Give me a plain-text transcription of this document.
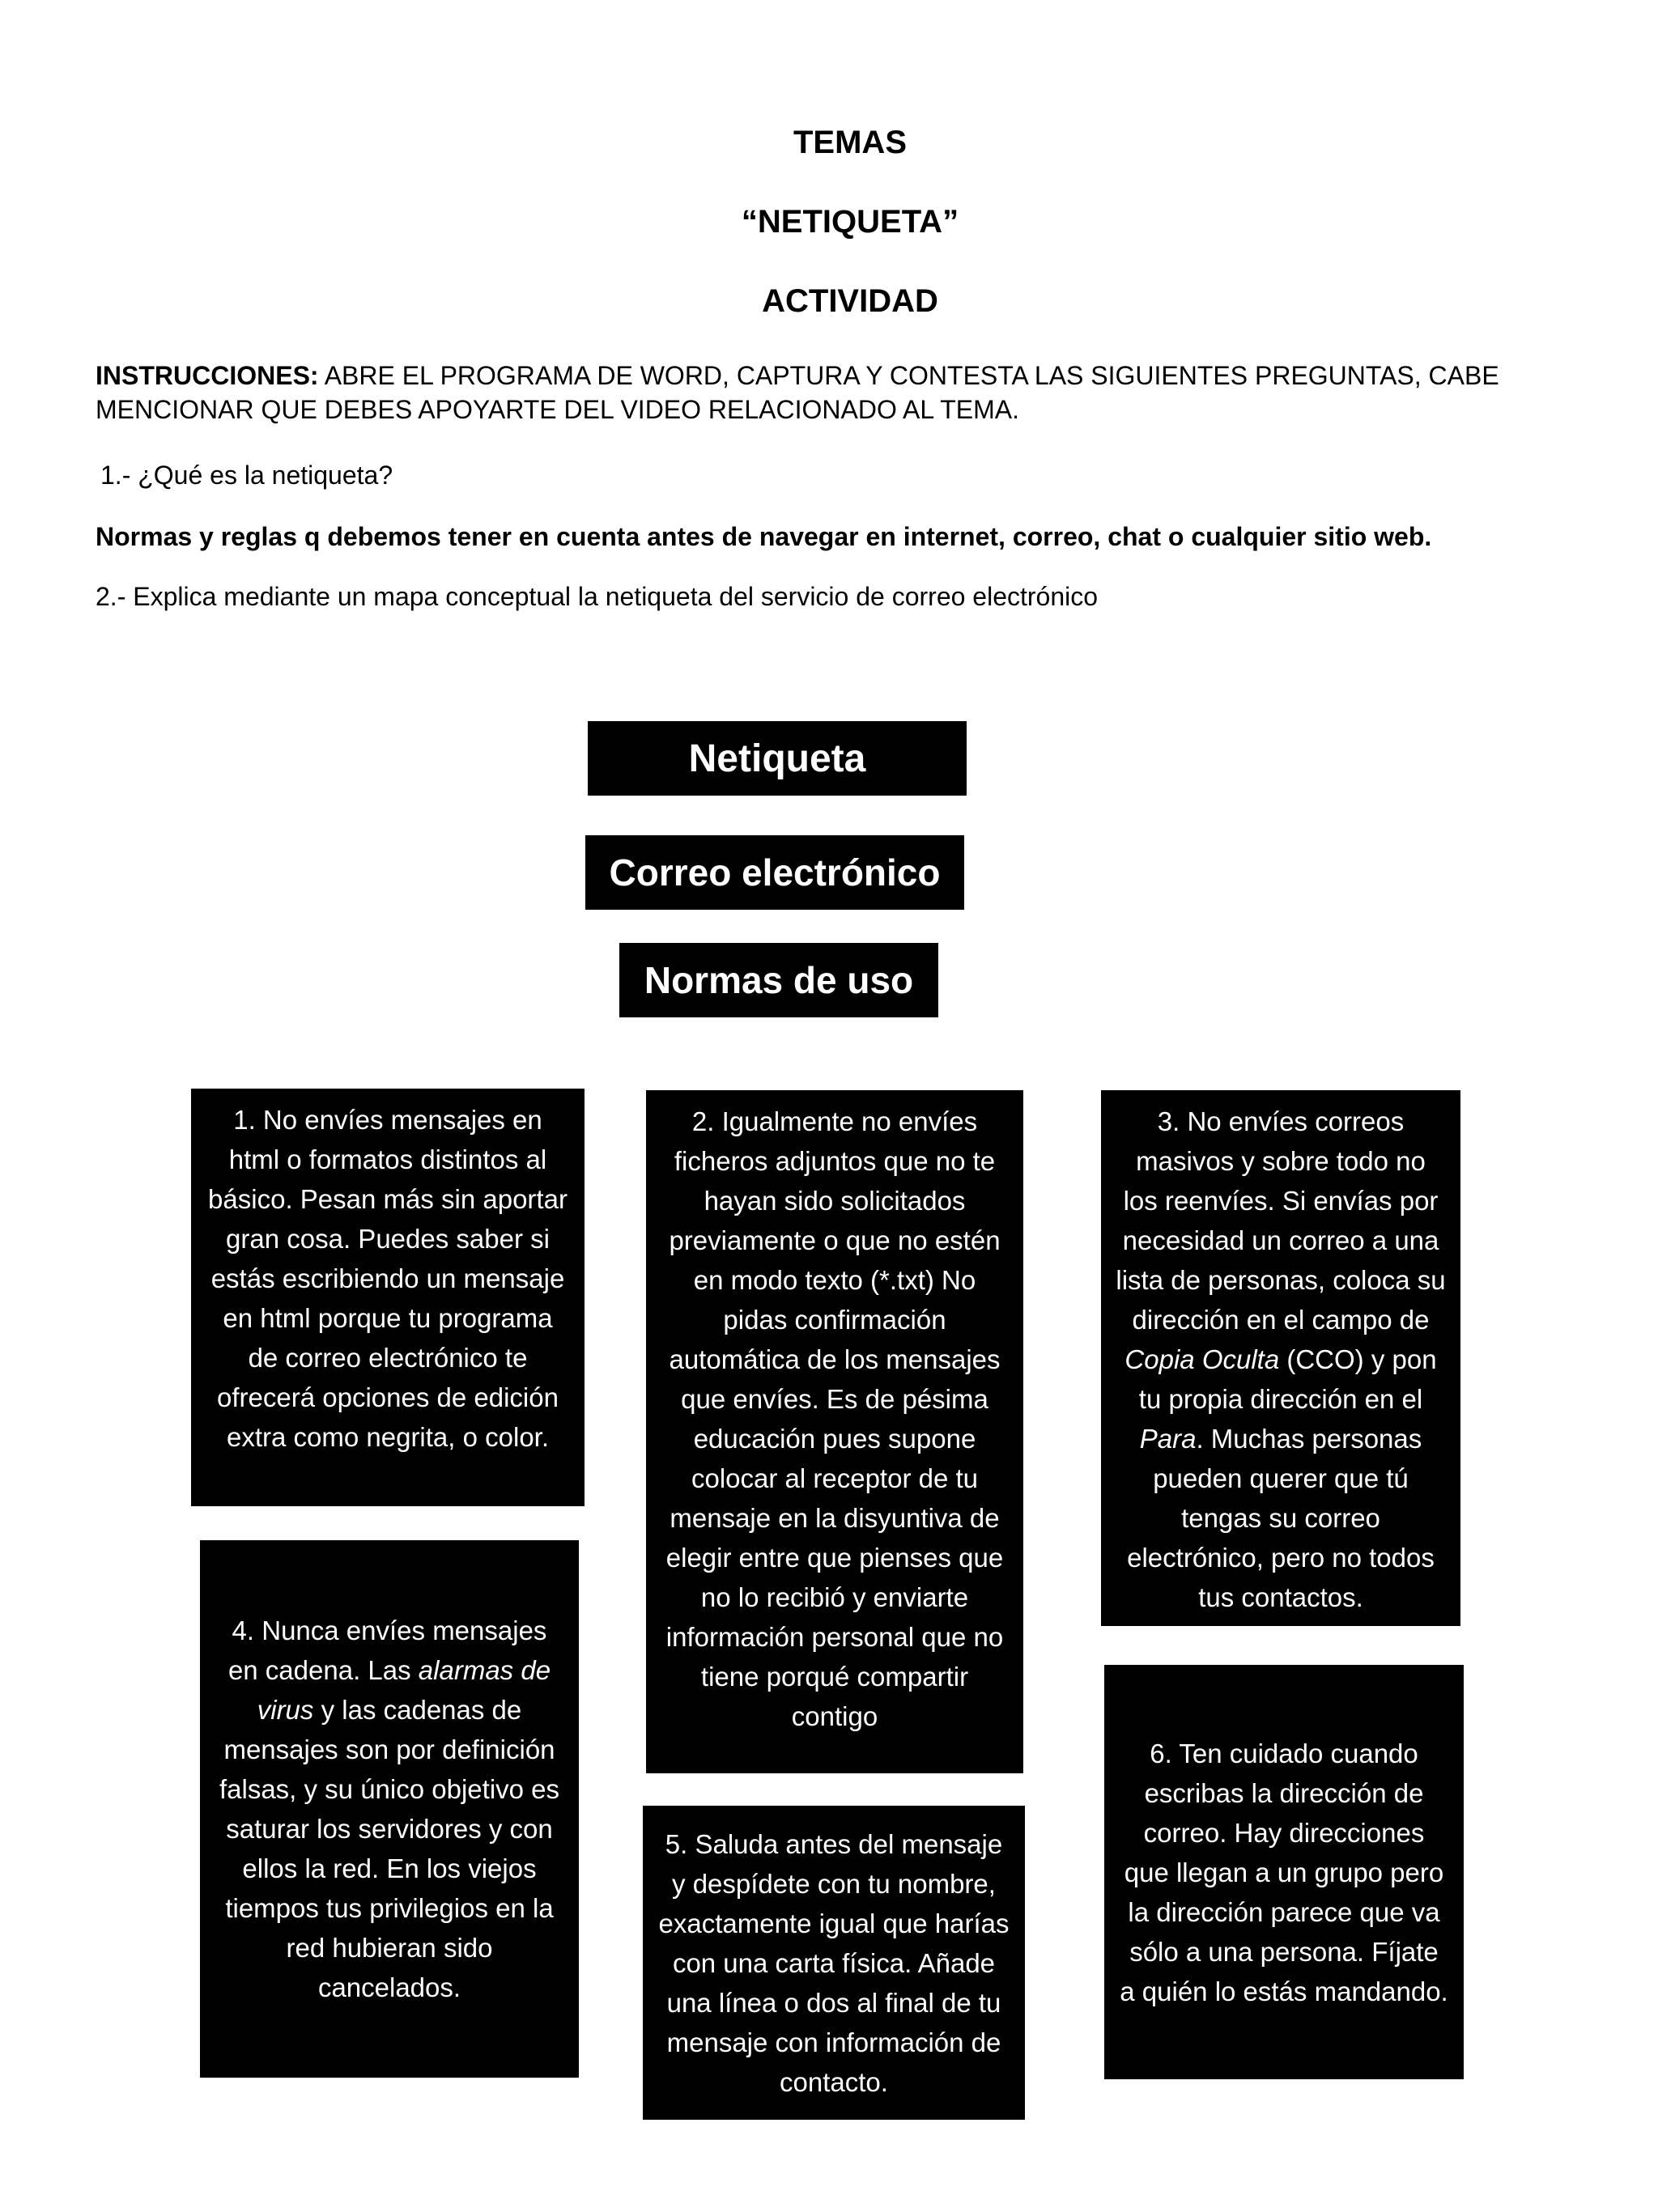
TEMAS
“NETIQUETA”
ACTIVIDAD
INSTRUCCIONES: ABRE EL PROGRAMA DE WORD, CAPTURA Y CONTESTA LAS SIGUIENTES PREGUNTAS, CABE MENCIONAR QUE DEBES APOYARTE DEL VIDEO RELACIONADO AL TEMA.
1.- ¿Qué es la netiqueta?
Normas y reglas q debemos tener en cuenta antes de navegar en internet, correo, chat o cualquier sitio web.
2.- Explica mediante un mapa conceptual la netiqueta del servicio de correo electrónico
Netiqueta
Correo electrónico
Normas de uso
1. No envíes mensajes en html o formatos distintos al básico. Pesan más sin aportar gran cosa. Puedes saber si estás escribiendo un mensaje en html porque tu programa de correo electrónico te ofrecerá opciones de edición extra como negrita, o color.
2. Igualmente no envíes ficheros adjuntos que no te hayan sido solicitados previamente o que no estén en modo texto (*.txt) No pidas confirmación automática de los mensajes que envíes. Es de pésima educación pues supone colocar al receptor de tu mensaje en la disyuntiva de elegir entre que pienses que no lo recibió y enviarte información personal que no tiene porqué compartir contigo
3. No envíes correos masivos y sobre todo no los reenvíes. Si envías por necesidad un correo a una lista de personas, coloca su dirección en el campo de Copia Oculta (CCO) y pon tu propia dirección en el Para. Muchas personas pueden querer que tú tengas su correo electrónico, pero no todos tus contactos.
4. Nunca envíes mensajes en cadena. Las alarmas de virus y las cadenas de mensajes son por definición falsas, y su único objetivo es saturar los servidores y con ellos la red. En los viejos tiempos tus privilegios en la red hubieran sido cancelados.
5. Saluda antes del mensaje y despídete con tu nombre, exactamente igual que harías con una carta física. Añade una línea o dos al final de tu mensaje con información de contacto.
6. Ten cuidado cuando escribas la dirección de correo. Hay direcciones que llegan a un grupo pero la dirección parece que va sólo a una persona. Fíjate a quién lo estás mandando.
